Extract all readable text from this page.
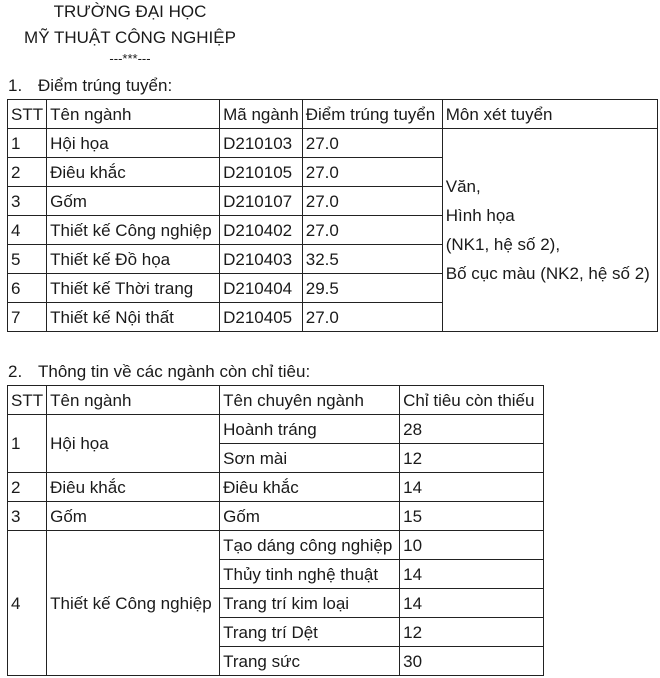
TRƯỜNG ĐẠI HỌC
MỸ THUẬT CÔNG NGHIỆP
---***---
1. Điểm trúng tuyển:
STT	Tên ngành	Mã ngành	Điểm trúng tuyển	Môn xét tuyển
1	Hội họa	D210103	27.0	Văn,
Hình họa
(NK1, hệ số 2),
Bố cục màu (NK2, hệ số 2)

2	Điêu khắc	D210105	27.0	
3	Gốm	D210107	27.0	
4	Thiết kế Công nghiệp	D210402	27.0	
5	Thiết kế Đồ họa	D210403	32.5	
6	Thiết kế Thời trang	D210404	29.5	
7	Thiết kế Nội thất	D210405	27.0	
2. Thông tin về các ngành còn chỉ tiêu:
STT	Tên ngành	Tên chuyên ngành	Chỉ tiêu còn thiếu
1	Hội họa	Hoành tráng	28
		Sơn mài	12
2	Điêu khắc	Điêu khắc	14
3	Gốm	Gốm	15
4	Thiết kế Công nghiệp	Tạo dáng công nghiệp	10
		Thủy tinh nghệ thuật	14
		Trang trí kim loại	14
		Trang trí Dệt	12
		Trang sức	30
